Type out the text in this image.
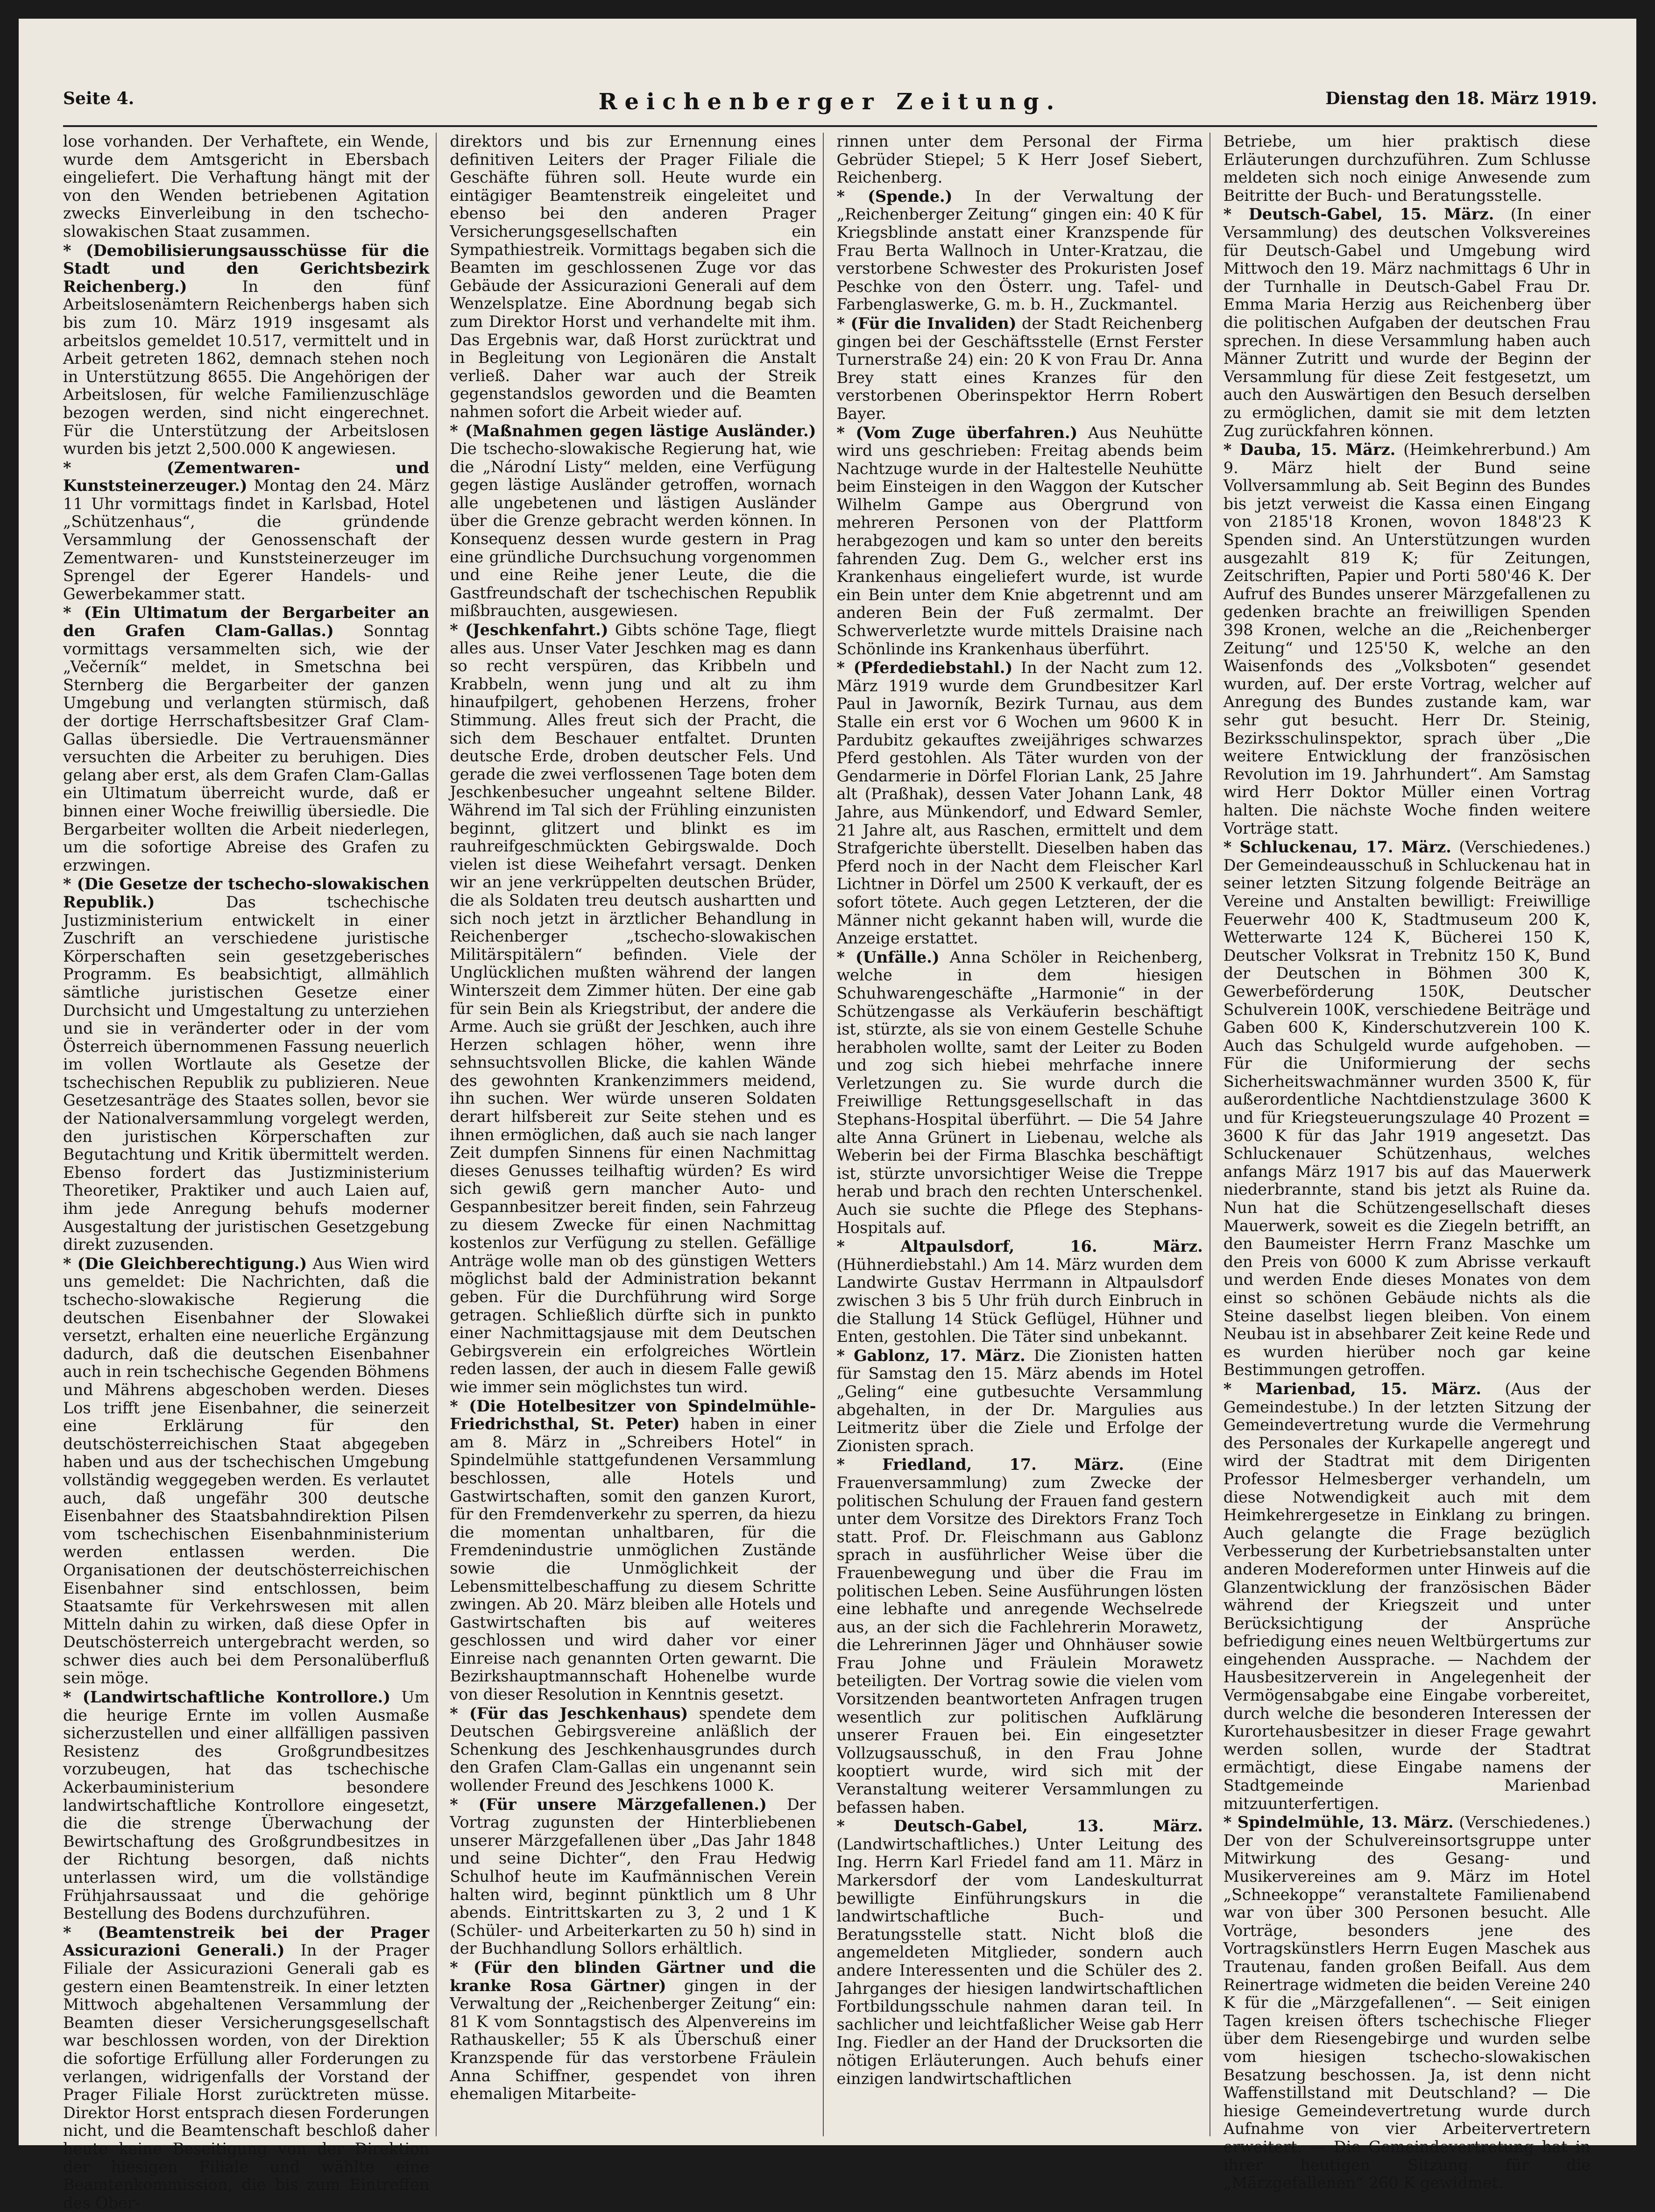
Seite 4.	Reichenberger Zeitung.	Dienstag den 18. März 1919.

lose vorhanden. Der Verhaftete, ein Wende, wurde dem Amtsgericht in Ebersbach eingeliefert. Die Verhaftung hängt mit der von den Wenden betriebenen Agitation zwecks Einverleibung in den tschecho-slowakischen Staat zusammen.

* (Demobilisierungsausschüsse für die Stadt und den Gerichtsbezirk Reichenberg.)	In den fünf Arbeitslosenämtern Reichenbergs haben sich bis zum 10. März 1919 insgesamt als arbeitslos gemeldet 10.517, vermittelt und in Arbeit getreten 1862, demnach stehen noch in Unterstützung 8655. Die Angehörigen der Arbeitslosen, für welche Familienzuschläge bezogen werden, sind nicht eingerechnet. Für die Unterstützung der Arbeitslosen wurden bis jetzt 2,500.000 K angewiesen.

* (Zementwaren- und Kunststeinerzeuger.) Montag den 24. März 11 Uhr vormittags findet in Karlsbad, Hotel „Schützenhaus“, die gründende Versammlung der Genossenschaft der Zementwaren- und Kunststeinerzeuger im Sprengel der Egerer Handels- und Gewerbekammer statt.

* (Ein Ultimatum der Bergarbeiter an den Grafen Clam-Gallas.) Sonntag vormittags versammelten sich, wie der „Večerník“ meldet, in Smetschna bei Sternberg die Bergarbeiter der ganzen Umgebung und verlangten stürmisch, daß der dortige Herrschaftsbesitzer Graf Clam-Gallas übersiedle. Die Vertrauensmänner versuchten die Arbeiter zu beruhigen. Dies gelang aber erst, als dem Grafen Clam-Gallas ein Ultimatum überreicht wurde, daß er binnen einer Woche freiwillig übersiedle. Die Bergarbeiter wollten die Arbeit niederlegen, um die sofortige Abreise des Grafen zu erzwingen.

* (Die Gesetze der tschecho-slowakischen Republik.)	Das tschechische Justizministerium entwickelt in einer Zuschrift an verschiedene juristische Körperschaften sein gesetzgeberisches Programm. Es beabsichtigt, allmählich sämtliche juristischen Gesetze einer Durchsicht und Umgestaltung zu unterziehen und sie in veränderter oder in der vom Österreich übernommenen Fassung neuerlich im vollen Wortlaute als Gesetze der tschechischen Republik zu publizieren. Neue Gesetzesanträge des Staates sollen, bevor sie der Nationalversammlung vorgelegt werden, den juristischen Körperschaften zur Begutachtung und Kritik übermittelt werden. Ebenso fordert das Justizministerium Theoretiker, Praktiker und auch Laien auf, ihm jede Anregung behufs moderner Ausgestaltung der juristischen Gesetzgebung direkt zuzusenden.

* (Die Gleichberechtigung.) Aus Wien wird uns gemeldet: Die Nachrichten, daß die tschecho-slowakische Regierung die deutschen Eisenbahner der Slowakei versetzt, erhalten eine neuerliche Ergänzung dadurch, daß die deutschen Eisenbahner auch in rein tschechische Gegenden Böhmens und Mährens abgeschoben werden. Dieses Los trifft jene Eisenbahner, die seinerzeit eine Erklärung für den deutschösterreichischen Staat abgegeben haben und aus der tschechischen Umgebung vollständig weggegeben werden. Es verlautet auch, daß ungefähr 300 deutsche Eisenbahner des Staatsbahndirektion Pilsen vom tschechischen Eisenbahnministerium werden entlassen werden. Die Organisationen der deutschösterreichischen Eisenbahner sind entschlossen, beim Staatsamte für Verkehrswesen mit allen Mitteln dahin zu wirken, daß diese Opfer in Deutschösterreich untergebracht werden, so schwer dies auch bei dem Personalüberfluß sein möge.

* (Landwirtschaftliche Kontrollore.) Um die heurige Ernte im vollen Ausmaße sicherzustellen und einer allfälligen passiven Resistenz des Großgrundbesitzes vorzubeugen, hat das tschechische Ackerbauministerium besondere landwirtschaftliche Kontrollore eingesetzt, die die strenge Überwachung der Bewirtschaftung des Großgrundbesitzes in der Richtung besorgen, daß nichts unterlassen wird, um die vollständige Frühjahrsaussaat und die gehörige Bestellung des Bodens durchzuführen.

* (Beamtenstreik bei der Prager Assicurazioni Generali.) In der Prager Filiale der Assicurazioni Generali gab es gestern einen Beamtenstreik. In einer letzten Mittwoch abgehaltenen Versammlung der Beamten dieser Versicherungsgesellschaft war beschlossen worden, von der Direktion die sofortige Erfüllung aller Forderungen zu verlangen, widrigenfalls der Vorstand der Prager Filiale Horst zurücktreten müsse. Direktor Horst entsprach diesen Forderungen nicht, und die Beamtenschaft beschloß daher heute keine Beseitigung von der Direktion der hiesigen Filiale und wählte eine Beamtenkommission, die bis zum Eintreffen des Ober-

direktors und bis zur Ernennung eines definitiven Leiters der Prager Filiale die Geschäfte führen soll. Heute wurde ein eintägiger Beamtenstreik eingeleitet und ebenso bei den anderen Prager Versicherungsgesellschaften ein Sympathiestreik. Vormittags begaben sich die Beamten im geschlossenen Zuge vor das Gebäude der Assicurazioni Generali auf dem Wenzelsplatze. Eine Abordnung begab sich zum Direktor Horst und verhandelte mit ihm. Das Ergebnis war, daß Horst zurücktrat und in Begleitung von Legionären die Anstalt verließ. Daher war auch der Streik gegenstandslos geworden und die Beamten nahmen sofort die Arbeit wieder auf.

* (Maßnahmen gegen lästige Ausländer.) Die tschecho-slowakische Regierung hat, wie die „Národní Listy“ melden, eine Verfügung gegen lästige Ausländer getroffen, wornach alle ungebetenen und lästigen Ausländer über die Grenze gebracht werden können. In Konsequenz dessen wurde gestern in Prag eine gründliche Durchsuchung vorgenommen und eine Reihe jener Leute, die die Gastfreundschaft der tschechischen Republik mißbrauchten, ausgewiesen.

* (Jeschkenfahrt.) Gibts schöne Tage, fliegt alles aus. Unser Vater Jeschken mag es dann so recht verspüren, das Kribbeln und Krabbeln, wenn jung und alt zu ihm hinaufpilgert, gehobenen Herzens, froher Stimmung. Alles freut sich der Pracht, die sich dem Beschauer entfaltet. Drunten deutsche Erde, droben deutscher Fels. Und gerade die zwei verflossenen Tage boten dem Jeschkenbesucher ungeahnt seltene Bilder. Während im Tal sich der Frühling einzunisten beginnt, glitzert und blinkt es im rauhreifgeschmückten Gebirgswalde. Doch vielen ist diese Weihefahrt versagt. Denken wir an jene verkrüppelten deutschen Brüder, die als Soldaten treu deutsch aushartten und sich noch jetzt in ärztlicher Behandlung in Reichenberger „tschecho-slowakischen Militärspitälern“ befinden. Viele der Unglücklichen mußten während der langen Winterszeit dem Zimmer hüten. Der eine gab für sein Bein als Kriegstribut, der andere die Arme. Auch sie grüßt der Jeschken, auch ihre Herzen schlagen höher, wenn ihre sehnsuchtsvollen Blicke, die kahlen Wände des gewohnten Krankenzimmers meidend, ihn suchen. Wer würde unseren Soldaten derart hilfsbereit zur Seite stehen und es ihnen ermöglichen, daß auch sie nach langer Zeit dumpfen Sinnens für einen Nachmittag dieses Genusses teilhaftig würden? Es wird sich gewiß gern mancher Auto- und Gespannbesitzer bereit finden, sein Fahrzeug zu diesem Zwecke für einen Nachmittag kostenlos zur Verfügung zu stellen. Gefällige Anträge wolle man ob des günstigen Wetters möglichst bald der Administration bekannt geben. Für die Durchführung wird Sorge getragen. Schließlich dürfte sich in punkto einer Nachmittagsjause mit dem Deutschen Gebirgsverein ein erfolgreiches Wörtlein reden lassen, der auch in diesem Falle gewiß wie immer sein möglichstes tun wird.

* (Die Hotelbesitzer von Spindelmühle-Friedrichsthal, St. Peter) haben in einer am 8. März in „Schreibers Hotel“ in Spindelmühle stattgefundenen Versammlung beschlossen, alle Hotels und Gastwirtschaften, somit den ganzen Kurort, für den Fremdenverkehr zu sperren, da hiezu die momentan unhaltbaren, für die Fremdenindustrie unmöglichen Zustände sowie die Unmöglichkeit der Lebensmittelbeschaffung zu diesem Schritte zwingen. Ab 20. März bleiben alle Hotels und Gastwirtschaften bis auf weiteres geschlossen und wird daher vor einer Einreise nach genannten Orten gewarnt. Die Bezirkshauptmannschaft Hohenelbe wurde von dieser Resolution in Kenntnis gesetzt.

* (Für das Jeschkenhaus) spendete dem Deutschen Gebirgsvereine anläßlich der Schenkung des Jeschkenhausgrundes durch den Grafen Clam-Gallas ein ungenannt sein wollender Freund des Jeschkens 1000 K.

* (Für unsere Märzgefallenen.) Der Vortrag zugunsten der Hinterbliebenen unserer Märzgefallenen über „Das Jahr 1848 und seine Dichter“, den Frau Hedwig Schulhof heute im Kaufmännischen Verein halten wird, beginnt pünktlich um 8 Uhr abends. Eintrittskarten zu 3, 2 und 1 K (Schüler- und Arbeiterkarten zu 50 h) sind in der Buchhandlung Sollors erhältlich.

* (Für den blinden Gärtner und die kranke Rosa Gärtner) gingen in der Verwaltung der „Reichenberger Zeitung“ ein: 81 K vom Sonntagstisch des Alpenvereins im Rathauskeller; 55 K als Überschuß einer Kranzspende für das verstorbene Fräulein Anna Schiffner, gespendet von ihren ehemaligen Mitarbeite-

rinnen unter dem Personal der Firma Gebrüder Stiepel; 5 K Herr Josef Siebert, Reichenberg.

* (Spende.) In der Verwaltung der „Reichenberger Zeitung“ gingen ein: 40 K für Kriegsblinde anstatt einer Kranzspende für Frau Berta Wallnoch in Unter-Kratzau, die verstorbene Schwester des Prokuristen Josef Peschke von den Österr. ung. Tafel- und Farbenglaswerke, G. m. b. H., Zuckmantel.

* (Für die Invaliden) der Stadt Reichenberg gingen bei der Geschäftsstelle (Ernst Ferster Turnerstraße 24) ein: 20 K von Frau Dr. Anna Brey statt eines Kranzes für den verstorbenen Oberinspektor Herrn Robert Bayer.

* (Vom Zuge überfahren.) Aus Neuhütte wird uns geschrieben: Freitag abends beim Nachtzuge wurde in der Haltestelle Neuhütte beim Einsteigen in den Waggon der Kutscher Wilhelm Gampe aus Obergrund von mehreren Personen von der Plattform herabgezogen und kam so unter den bereits fahrenden Zug. Dem G., welcher erst ins Krankenhaus eingeliefert wurde, ist wurde ein Bein unter dem Knie abgetrennt und am anderen Bein der Fuß zermalmt. Der Schwerverletzte wurde mittels Draisine nach Schönlinde ins Krankenhaus überführt.

* (Pferdediebstahl.) In der Nacht zum 12. März 1919 wurde dem Grundbesitzer Karl Paul in Jaworník, Bezirk Turnau, aus dem Stalle ein erst vor 6 Wochen um 9600 K in Pardubitz gekauftes zweijähriges schwarzes Pferd gestohlen. Als Täter wurden von der Gendarmerie in Dörfel Florian Lank, 25 Jahre alt (Praßhak), dessen Vater Johann Lank, 48 Jahre, aus Münkendorf, und Edward Semler, 21 Jahre alt, aus Raschen, ermittelt und dem Strafgerichte überstellt. Dieselben haben das Pferd noch in der Nacht dem Fleischer Karl Lichtner in Dörfel um 2500 K verkauft, der es sofort tötete. Auch gegen Letzteren, der die Männer nicht gekannt haben will, wurde die Anzeige erstattet.

* (Unfälle.) Anna Schöler in Reichenberg, welche in dem hiesigen Schuhwarengeschäfte „Harmonie“ in der Schützengasse als Verkäuferin beschäftigt ist, stürzte, als sie von einem Gestelle Schuhe herabholen wollte, samt der Leiter zu Boden und zog sich hiebei mehrfache innere Verletzungen zu. Sie wurde durch die Freiwillige Rettungsgesellschaft in das Stephans-Hospital überführt. — Die 54 Jahre alte Anna Grünert in Liebenau, welche als Weberin bei der Firma Blaschka beschäftigt ist, stürzte unvorsichtiger Weise die Treppe herab und brach den rechten Unterschenkel. Auch sie suchte die Pflege des Stephans-Hospitals auf.

* Altpaulsdorf, 16. März. (Hühnerdiebstahl.) Am 14. März wurden dem Landwirte Gustav Herrmann in Altpaulsdorf zwischen 3 bis 5 Uhr früh durch Einbruch in die Stallung 14 Stück Geflügel, Hühner und Enten, gestohlen. Die Täter sind unbekannt.

* Gablonz, 17. März. Die Zionisten hatten für Samstag den 15. März abends im Hotel „Geling“ eine gutbesuchte Versammlung abgehalten, in der Dr. Margulies aus Leitmeritz über die Ziele und Erfolge der Zionisten sprach.

* Friedland, 17. März. (Eine Frauenversammlung) zum Zwecke der politischen Schulung der Frauen fand gestern unter dem Vorsitze des Direktors Franz Toch statt. Prof. Dr. Fleischmann aus Gablonz sprach in ausführlicher Weise über die Frauenbewegung und über die Frau im politischen Leben. Seine Ausführungen lösten eine lebhafte und anregende Wechselrede aus, an der sich die Fachlehrerin Morawetz, die Lehrerinnen Jäger und Ohnhäuser sowie Frau Johne und Fräulein Morawetz beteiligten. Der Vortrag sowie die vielen vom Vorsitzenden beantworteten Anfragen trugen wesentlich zur politischen Aufklärung unserer Frauen bei. Ein eingesetzter Vollzugsausschuß, in den Frau Johne kooptiert wurde, wird sich mit der Veranstaltung weiterer Versammlungen zu befassen haben.

* Deutsch-Gabel, 13. März. (Landwirtschaftliches.) Unter Leitung des Ing. Herrn Karl Friedel fand am 11. März in Markersdorf der vom Landeskulturrat bewilligte Einführungskurs in die landwirtschaftliche Buch- und Beratungsstelle statt. Nicht bloß die angemeldeten Mitglieder, sondern auch andere Interessenten und die Schüler des 2. Jahrganges der hiesigen landwirtschaftlichen Fortbildungsschule nahmen daran teil. In sachlicher und leichtfaßlicher Weise gab Herr Ing. Fiedler an der Hand der Drucksorten die nötigen Erläuterungen. Auch behufs einer einzigen landwirtschaftlichen

Betriebe, um hier praktisch diese Erläuterungen durchzuführen. Zum Schlusse meldeten sich noch einige Anwesende zum Beitritte der Buch- und Beratungsstelle.

* Deutsch-Gabel, 15. März. (In einer Versammlung) des deutschen Volksvereines für Deutsch-Gabel und Umgebung wird Mittwoch den 19. März nachmittags 6 Uhr in der Turnhalle in Deutsch-Gabel Frau Dr. Emma Maria Herzig aus Reichenberg über die politischen Aufgaben der deutschen Frau sprechen. In diese Versammlung haben auch Männer Zutritt und wurde der Beginn der Versammlung für diese Zeit festgesetzt, um auch den Auswärtigen den Besuch derselben zu ermöglichen, damit sie mit dem letzten Zug zurückfahren können.

* Dauba, 15. März. (Heimkehrerbund.) Am 9. März hielt der Bund seine Vollversammlung ab. Seit Beginn des Bundes bis jetzt verweist die Kassa einen Eingang von 2185'18 Kronen, wovon 1848'23 K Spenden sind. An Unterstützungen wurden ausgezahlt 819 K; für Zeitungen, Zeitschriften, Papier und Porti 580'46 K. Der Aufruf des Bundes unserer Märzgefallenen zu gedenken brachte an freiwilligen Spenden 398 Kronen, welche an die „Reichenberger Zeitung“ und 125'50 K, welche an den Waisenfonds des „Volksboten“ gesendet wurden, auf. Der erste Vortrag, welcher auf Anregung des Bundes zustande kam, war sehr gut besucht. Herr Dr. Steinig, Bezirksschulinspektor, sprach über „Die weitere Entwicklung der französischen Revolution im 19. Jahrhundert“. Am Samstag wird Herr Doktor Müller einen Vortrag halten. Die nächste Woche finden weitere Vorträge statt.

* Schluckenau, 17. März. (Verschiedenes.) Der Gemeindeausschuß in Schluckenau hat in seiner letzten Sitzung folgende Beiträge an Vereine und Anstalten bewilligt: Freiwillige Feuerwehr 400 K, Stadtmuseum 200 K, Wetterwarte 124 K, Bücherei 150 K, Deutscher Volksrat in Trebnitz 150 K, Bund der Deutschen in Böhmen 300 K, Gewerbeförderung 150K, Deutscher Schulverein 100K, verschiedene Beiträge und Gaben 600 K, Kinderschutzverein 100 K. Auch das Schulgeld wurde aufgehoben. — Für die Uniformierung der sechs Sicherheitswachmänner wurden 3500 K, für außerordentliche Nachtdienstzulage 3600 K und für Kriegsteuerungszulage 40 Prozent = 3600 K für das Jahr 1919 angesetzt. Das Schluckenauer Schützenhaus, welches anfangs März 1917 bis auf das Mauerwerk niederbrannte, stand bis jetzt als Ruine da. Nun hat die Schützengesellschaft dieses Mauerwerk, soweit es die Ziegeln betrifft, an den Baumeister Herrn Franz Maschke um den Preis von 6000 K zum Abrisse verkauft und werden Ende dieses Monates von dem einst so schönen Gebäude nichts als die Steine daselbst liegen bleiben. Von einem Neubau ist in absehbarer Zeit keine Rede und es wurden hierüber noch gar keine Bestimmungen getroffen.

* Marienbad, 15. März. (Aus der Gemeindestube.) In der letzten Sitzung der Gemeindevertretung wurde die Vermehrung des Personales der Kurkapelle angeregt und wird der Stadtrat mit dem Dirigenten Professor Helmesberger verhandeln, um diese Notwendigkeit auch mit dem Heimkehrergesetze in Einklang zu bringen. Auch gelangte die Frage bezüglich Verbesserung der Kurbetriebsanstalten unter anderen Modereformen unter Hinweis auf die Glanzentwicklung der französischen Bäder während der Kriegszeit und unter Berücksichtigung der Ansprüche befriedigung eines neuen Weltbürgertums zur eingehenden Aussprache. — Nachdem der Hausbesitzerverein in Angelegenheit der Vermögensabgabe eine Eingabe vorbereitet, durch welche die besonderen Interessen der Kurortehausbesitzer in dieser Frage gewahrt werden sollen, wurde der Stadtrat ermächtigt, diese Eingabe namens der Stadtgemeinde Marienbad mitzuunterfertigen.

* Spindelmühle, 13. März. (Verschiedenes.) Der von der Schulvereinsortsgruppe unter Mitwirkung des Gesang- und Musikervereines am 9. März im Hotel „Schneekoppe“ veranstaltete Familienabend war von über 300 Personen besucht. Alle Vorträge, besonders jene des Vortragskünstlers Herrn Eugen Maschek aus Trautenau, fanden großen Beifall. Aus dem Reinertrage widmeten die beiden Vereine 240 K für die „Märzgefallenen“. — Seit einigen Tagen kreisen öfters tschechische Flieger über dem Riesengebirge und wurden selbe vom hiesigen tschecho-slowakischen Besatzung beschossen. Ja, ist denn nicht Waffenstillstand mit Deutschland? — Die hiesige Gemeindevertretung wurde durch Aufnahme von vier Arbeitervertretern erweitert. — Die Gemeindevertretung hat in ihrer heutigen Sitzung für die „Märzgefallenen“ 260 K gewidmet.
